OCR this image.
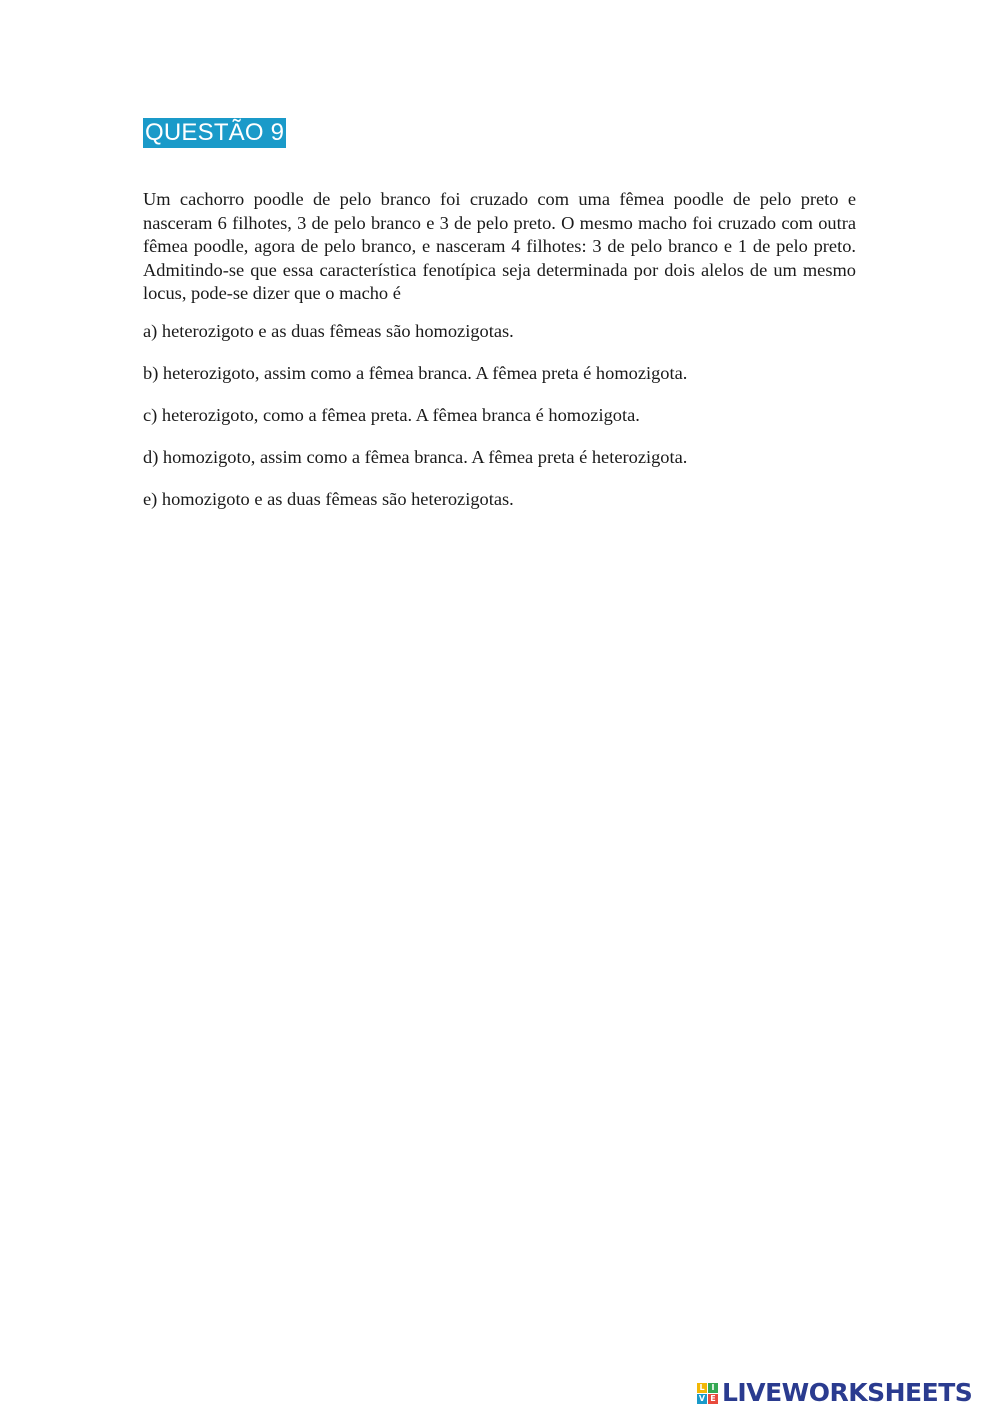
QUESTÃO 9

Um cachorro poodle de pelo branco foi cruzado com uma fêmea poodle de pelo preto e nasceram 6 filhotes, 3 de pelo branco e 3 de pelo preto. O mesmo macho foi cruzado com outra fêmea poodle, agora de pelo branco, e nasceram 4 filhotes: 3 de pelo branco e 1 de pelo preto. Admitindo-se que essa característica fenotípica seja determinada por dois alelos de um mesmo locus, pode-se dizer que o macho é

a) heterozigoto e as duas fêmeas são homozigotas.

b) heterozigoto, assim como a fêmea branca. A fêmea preta é homozigota.

c) heterozigoto, como a fêmea preta. A fêmea branca é homozigota.

d) homozigoto, assim como a fêmea branca. A fêmea preta é heterozigota.

e) homozigoto e as duas fêmeas são heterozigotas.

L I
V E LIVEWORKSHEETS
